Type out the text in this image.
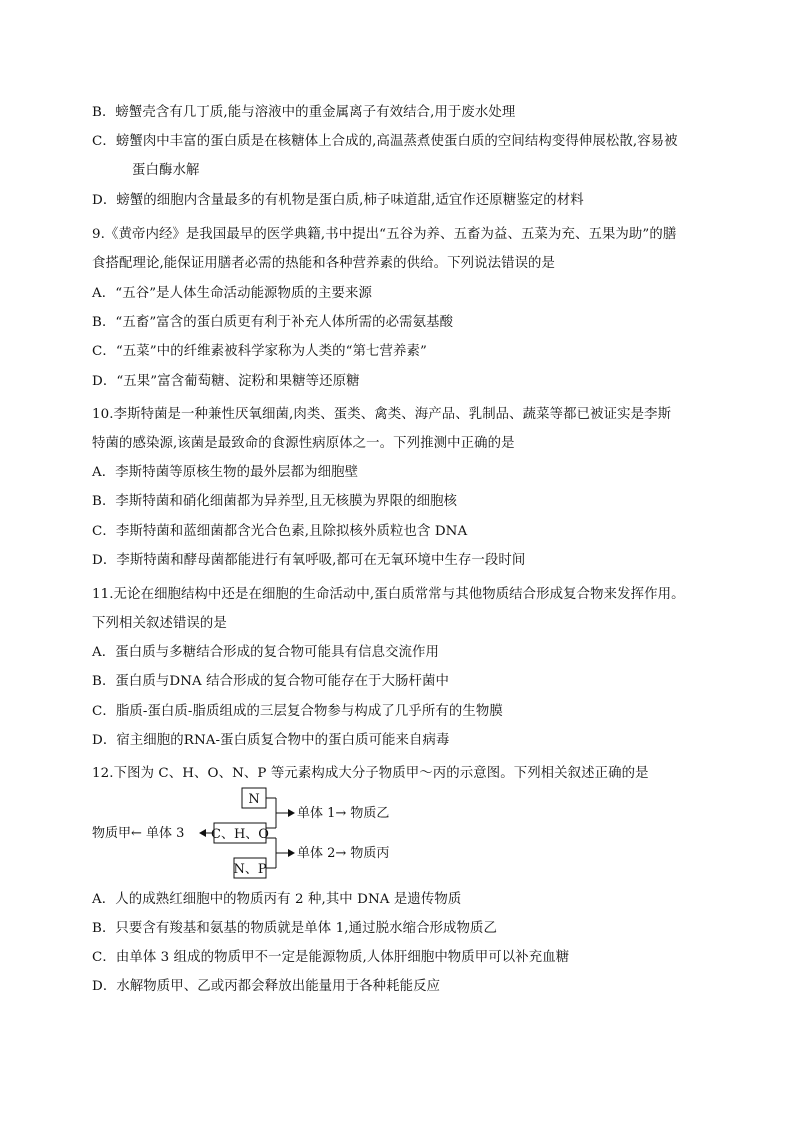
B．螃蟹壳含有几丁质,能与溶液中的重金属离子有效结合,用于废水处理
C．螃蟹肉中丰富的蛋白质是在核糖体上合成的,高温蒸煮使蛋白质的空间结构变得伸展松散,容易被
蛋白酶水解
D．螃蟹的细胞内含量最多的有机物是蛋白质,柿子味道甜,适宜作还原糖鉴定的材料
9.《黄帝内经》是我国最早的医学典籍,书中提出“五谷为养、五畜为益、五菜为充、五果为助”的膳
食搭配理论,能保证用膳者必需的热能和各种营养素的供给。下列说法错误的是
A．“五谷”是人体生命活动能源物质的主要来源
B．“五畜”富含的蛋白质更有利于补充人体所需的必需氨基酸
C．“五菜”中的纤维素被科学家称为人类的“第七营养素”
D．“五果”富含葡萄糖、淀粉和果糖等还原糖
10.李斯特菌是一种兼性厌氧细菌,肉类、蛋类、禽类、海产品、乳制品、蔬菜等都已被证实是李斯
特菌的感染源,该菌是最致命的食源性病原体之一。下列推测中正确的是
A．李斯特菌等原核生物的最外层都为细胞壁
B．李斯特菌和硝化细菌都为异养型,且无核膜为界限的细胞核
C．李斯特菌和蓝细菌都含光合色素,且除拟核外质粒也含 DNA
D．李斯特菌和酵母菌都能进行有氧呼吸,都可在无氧环境中生存一段时间
11.无论在细胞结构中还是在细胞的生命活动中,蛋白质常常与其他物质结合形成复合物来发挥作用。
下列相关叙述错误的是
A．蛋白质与多糖结合形成的复合物可能具有信息交流作用
B．蛋白质与DNA 结合形成的复合物可能存在于大肠杆菌中
C．脂质-蛋白质-脂质组成的三层复合物参与构成了几乎所有的生物膜
D．宿主细胞的RNA-蛋白质复合物中的蛋白质可能来自病毒
12.下图为 C、H、O、N、P 等元素构成大分子物质甲～丙的示意图。下列相关叙述正确的是
N
C、H、O
N、P
单体 1→ 物质乙
单体 2→ 物质丙
物质甲← 单体 3
A．人的成熟红细胞中的物质丙有 2 种,其中 DNA 是遗传物质
B．只要含有羧基和氨基的物质就是单体 1,通过脱水缩合形成物质乙
C．由单体 3 组成的物质甲不一定是能源物质,人体肝细胞中物质甲可以补充血糖
D．水解物质甲、乙或丙都会释放出能量用于各种耗能反应
